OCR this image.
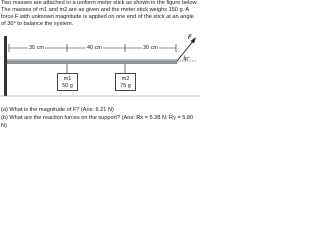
Two masses are attached to a uniform meter stick as shown in the figure below. The masses of m1 and m2 are as given and the meter stick weighs 150 g. A force F with unknown magnitude is applied on one end of the stick at an angle of 30° to balance the system.

30 cm	40 cm	30 cm
F
30°
m1
50 g
m2
75 g

(a) What is the magnitude of F? (Ans: 6.21 N)

(b) What are the reaction forces on the support? (Ans: Rx = 5.38 N; Ry = 5.80 N)
